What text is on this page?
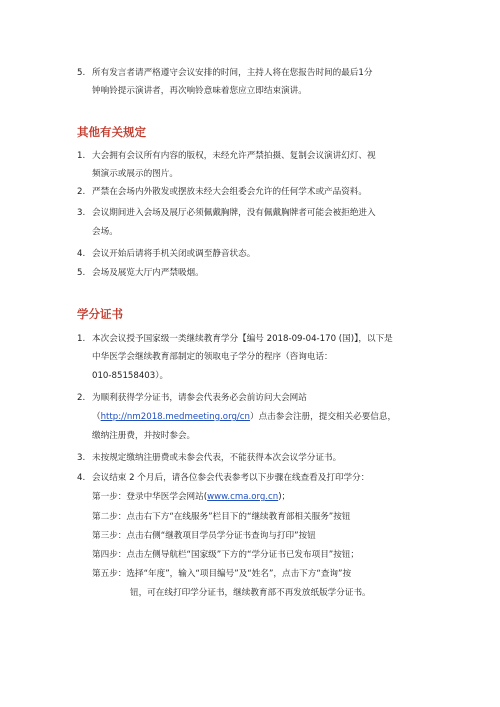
5. 所有发言者请严格遵守会议安排的时间，主持人将在您报告时间的最后1分
钟响铃提示演讲者，再次响铃意味着您应立即结束演讲。
其他有关规定
1. 大会拥有会议所有内容的版权，未经允许严禁拍摄、复制会议演讲幻灯、视
频演示或展示的图片。
2. 严禁在会场内外散发或摆放未经大会组委会允许的任何学术或产品资料。
3. 会议期间进入会场及展厅必须佩戴胸牌，没有佩戴胸牌者可能会被拒绝进入
会场。
4. 会议开始后请将手机关闭或调至静音状态。
5. 会场及展览大厅内严禁吸烟。
学分证书
1. 本次会议授予国家级一类继续教育学分【编号 2018-09-04-170 (国)】，以下是
中华医学会继续教育部制定的领取电子学分的程序（咨询电话：
010-85158403）。
2. 为顺利获得学分证书，请参会代表务必会前访问大会网站
（http://nm2018.medmeeting.org/cn）点击参会注册，提交相关必要信息，
缴纳注册费，并按时参会。
3. 未按规定缴纳注册费或未参会代表，不能获得本次会议学分证书。
4. 会议结束 2 个月后，请各位参会代表参考以下步骤在线查看及打印学分：
第一步：登录中华医学会网站(www.cma.org.cn)；
第二步：点击右下方“在线服务”栏目下的“继续教育部相关服务”按钮
第三步：点击右侧“继教项目学员学分证书查询与打印”按钮
第四步：点击左侧导航栏“国家级”下方的“学分证书已发布项目”按钮；
第五步：选择“年度”，输入“项目编号”及“姓名”，点击下方“查询”按
钮，可在线打印学分证书，继续教育部不再发放纸版学分证书。
